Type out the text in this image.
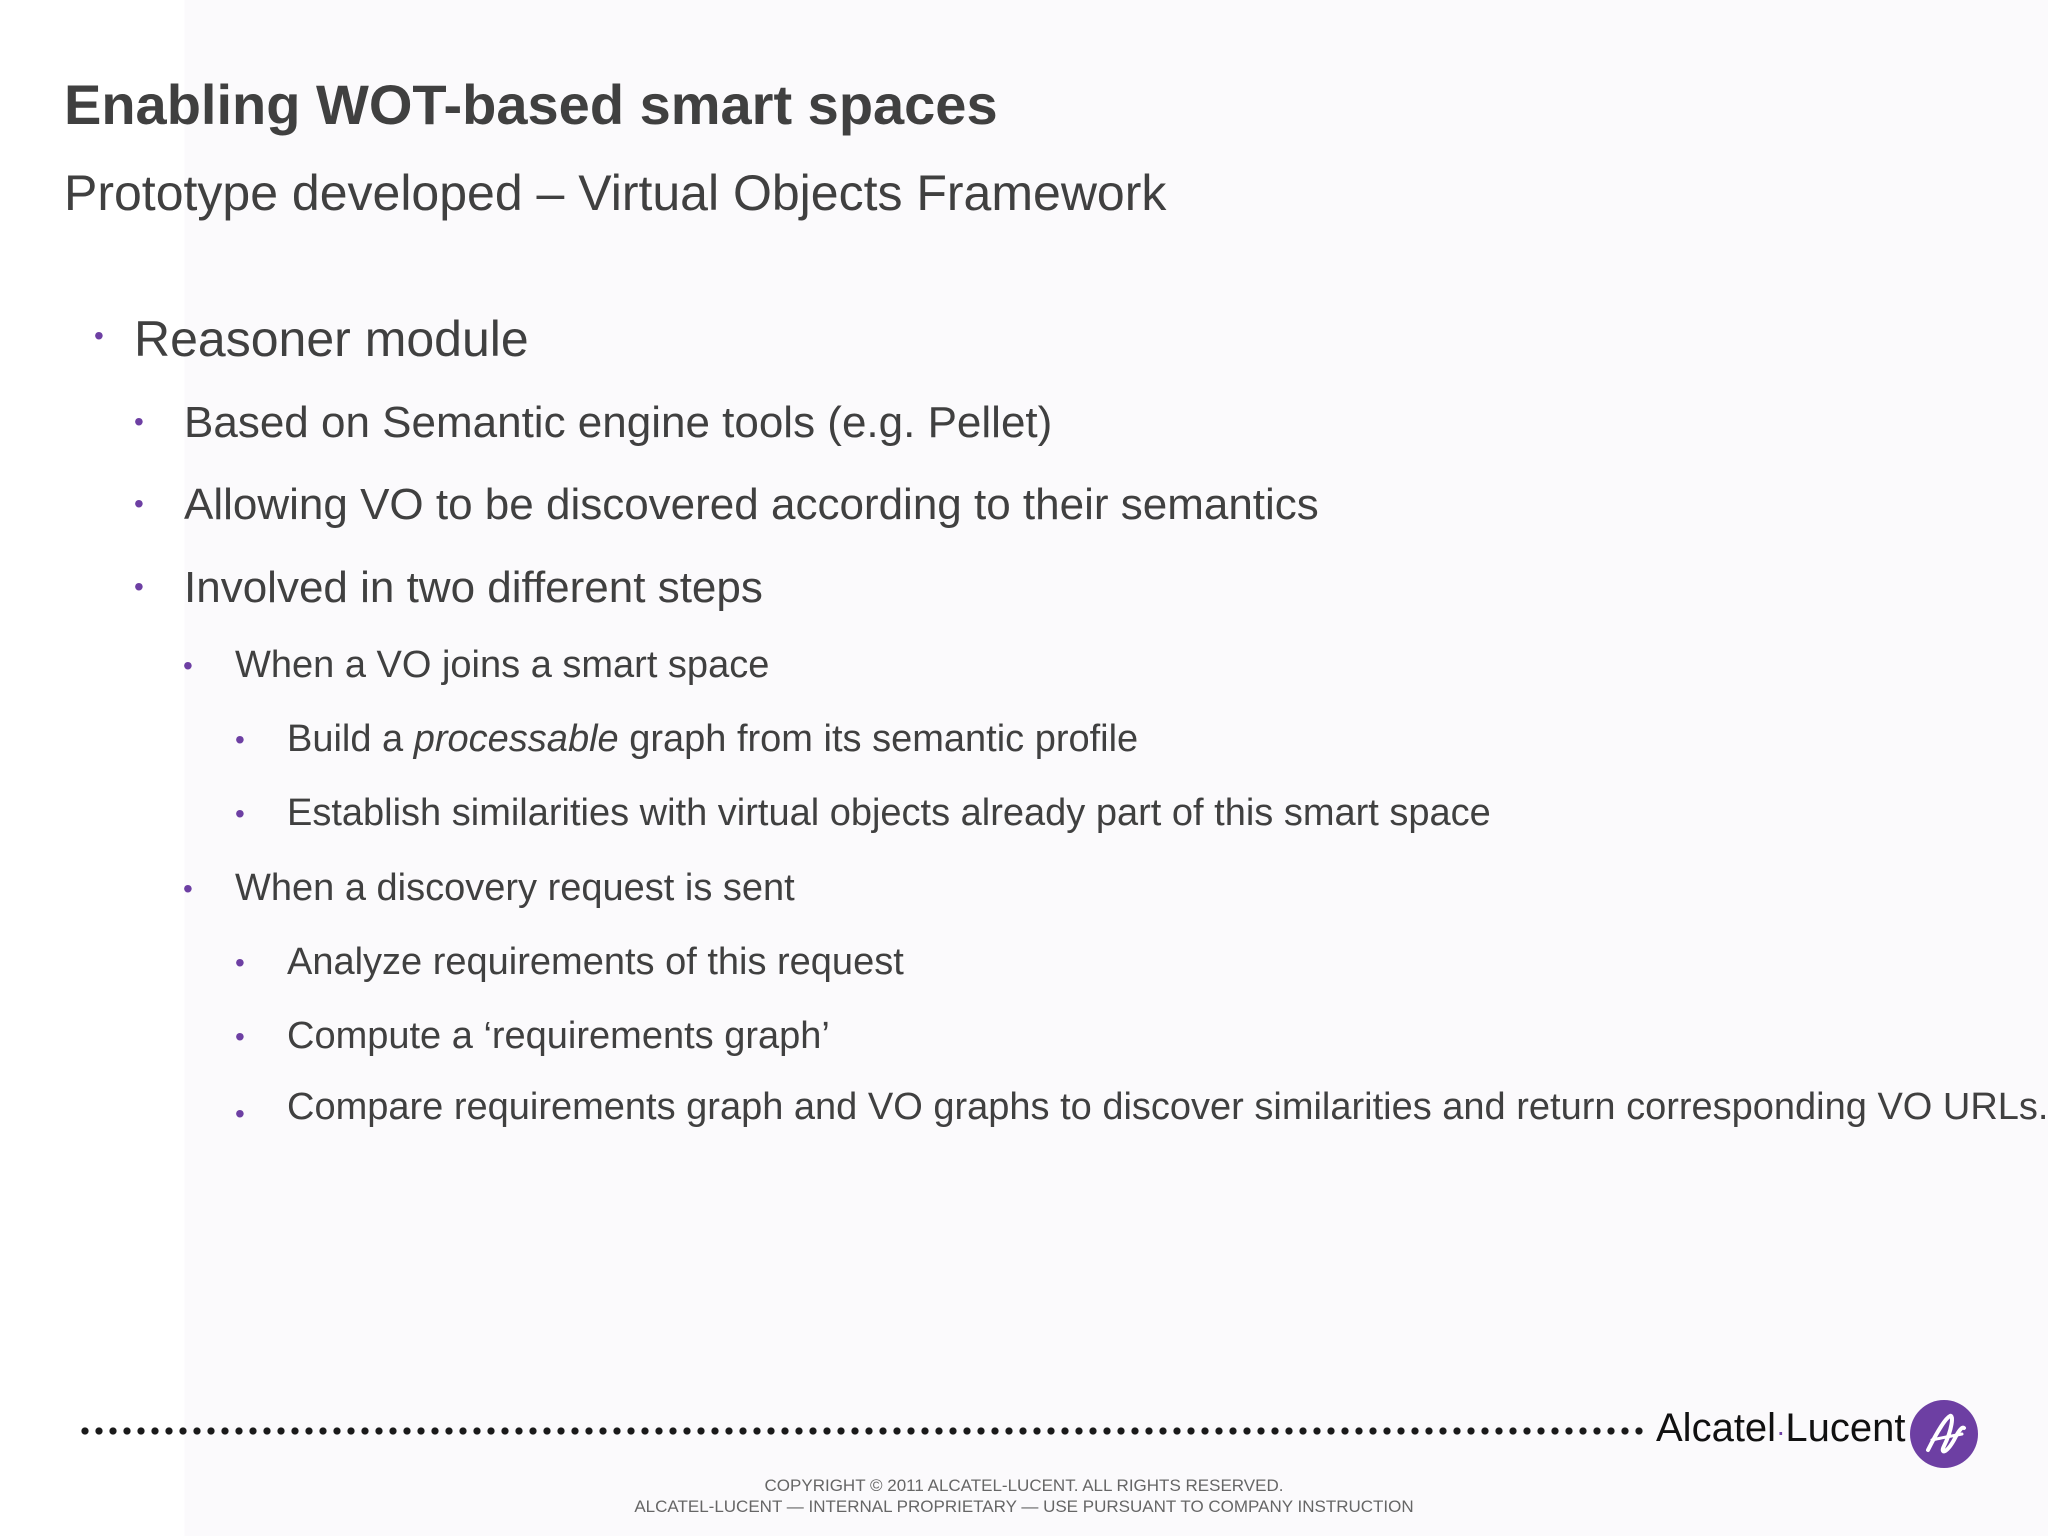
Enabling WOT-based smart spaces
Prototype developed – Virtual Objects Framework
• Reasoner module
• Based on Semantic engine tools (e.g. Pellet)
• Allowing VO to be discovered according to their semantics
• Involved in two different steps
• When a VO joins a smart space
• Build a processable graph from its semantic profile
• Establish similarities with virtual objects already part of this smart space
• When a discovery request is sent
• Analyze requirements of this request
• Compute a ‘requirements graph’
• Compare requirements graph and VO graphs to discover similarities and return corresponding VO URLs.
Alcatel·Lucent
COPYRIGHT © 2011 ALCATEL-LUCENT. ALL RIGHTS RESERVED.
ALCATEL-LUCENT — INTERNAL PROPRIETARY — USE PURSUANT TO COMPANY INSTRUCTION
